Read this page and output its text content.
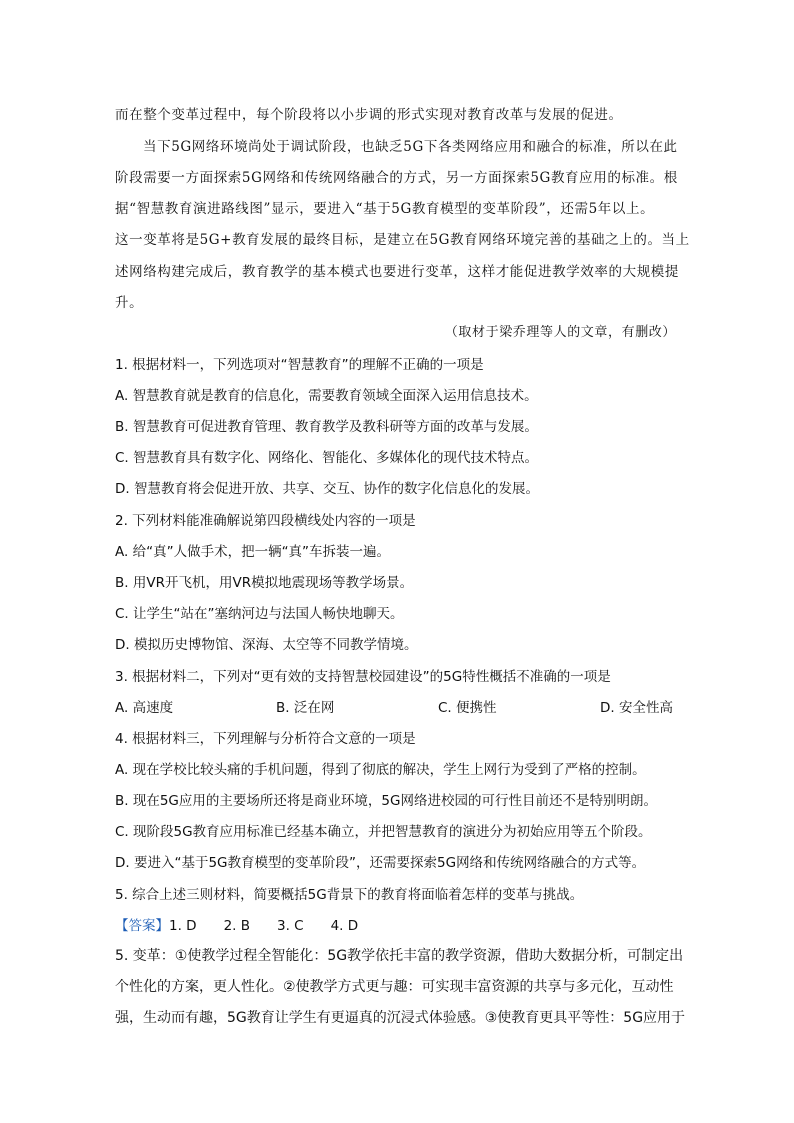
而在整个变革过程中，每个阶段将以小步调的形式实现对教育改革与发展的促进。
当下5G网络环境尚处于调试阶段，也缺乏5G下各类网络应用和融合的标准，所以在此
阶段需要一方面探索5G网络和传统网络融合的方式，另一方面探索5G教育应用的标准。根
据“智慧教育演进路线图”显示，要进入“基于5G教育模型的变革阶段”，还需5年以上。
这一变革将是5G+教育发展的最终目标，是建立在5G教育网络环境完善的基础之上的。当上
述网络构建完成后，教育教学的基本模式也要进行变革，这样才能促进教学效率的大规模提
升。
（取材于梁乔理等人的文章，有删改）
1. 根据材料一，下列选项对“智慧教育”的理解不正确的一项是
A. 智慧教育就是教育的信息化，需要教育领域全面深入运用信息技术。
B. 智慧教育可促进教育管理、教育教学及教科研等方面的改革与发展。
C. 智慧教育具有数字化、网络化、智能化、多媒体化的现代技术特点。
D. 智慧教育将会促进开放、共享、交互、协作的数字化信息化的发展。
2. 下列材料能准确解说第四段横线处内容的一项是
A. 给“真”人做手术，把一辆“真”车拆装一遍。
B. 用VR开飞机，用VR模拟地震现场等教学场景。
C. 让学生“站在”塞纳河边与法国人畅快地聊天。
D. 模拟历史博物馆、深海、太空等不同教学情境。
3. 根据材料二，下列对“更有效的支持智慧校园建设”的5G特性概括不准确的一项是
A. 高速度	B. 泛在网	C. 便携性	D. 安全性高
4. 根据材料三，下列理解与分析符合文意的一项是
A. 现在学校比较头痛的手机问题，得到了彻底的解决，学生上网行为受到了严格的控制。
B. 现在5G应用的主要场所还将是商业环境，5G网络进校园的可行性目前还不是特别明朗。
C. 现阶段5G教育应用标准已经基本确立，并把智慧教育的演进分为初始应用等五个阶段。
D. 要进入“基于5G教育模型的变革阶段”，还需要探索5G网络和传统网络融合的方式等。
5. 综合上述三则材料，简要概括5G背景下的教育将面临着怎样的变革与挑战。
【答案】1. D　　2. B　　3. C　　4. D
5. 变革：①使教学过程全智能化：5G教学依托丰富的教学资源，借助大数据分析，可制定出
个性化的方案，更人性化。②使教学方式更与趣：可实现丰富资源的共享与多元化，互动性
强，生动而有趣，5G教育让学生有更逼真的沉浸式体验感。③使教育更具平等性：5G应用于
